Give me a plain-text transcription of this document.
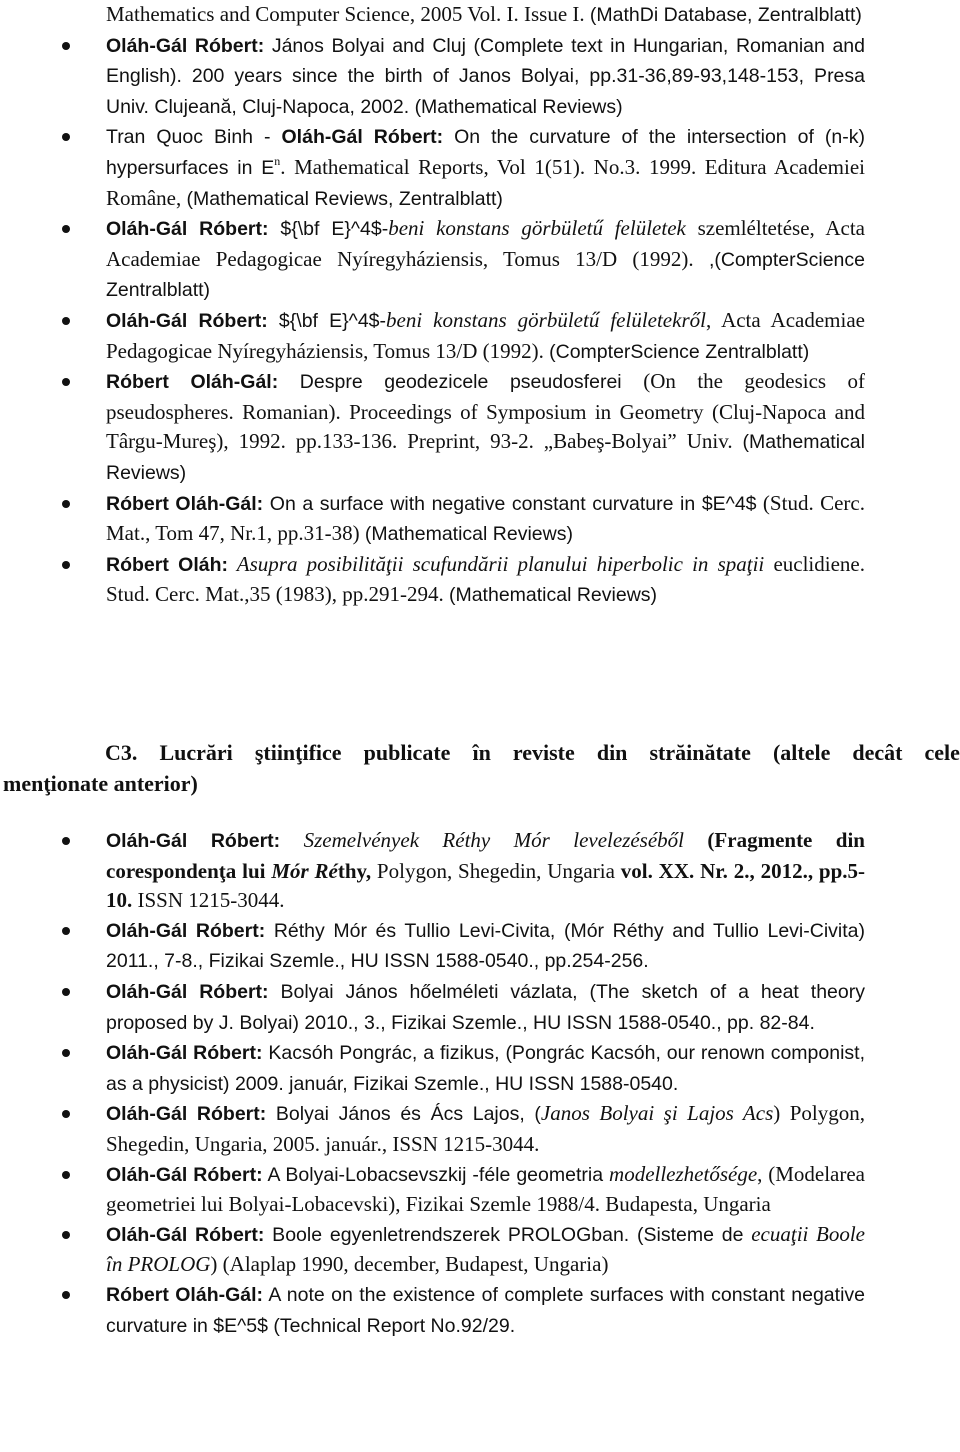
Mathematics and Computer Science, 2005 Vol. I. Issue I. (MathDi Database, Zentralblatt)
Oláh-Gál Róbert: János Bolyai and Cluj (Complete text in Hungarian, Romanian and English). 200 years since the birth of Janos Bolyai, pp.31-36,89-93,148-153, Presa Univ. Clujeană, Cluj-Napoca, 2002. (Mathematical Reviews)
Tran Quoc Binh - Oláh-Gál Róbert: On the curvature of the intersection of (n-k) hypersurfaces in $E^n$. Mathematical Reports, Vol 1(51). No.3. 1999. Editura Academiei Române, (Mathematical Reviews, Zentralblatt)
Oláh-Gál Róbert: ${\bf E}^4$-beni konstans görbületű felületek szemléltetése, Acta Academiae Pedagogicae Nyíregyháziensis, Tomus 13/D (1992). ,(CompterScience Zentralblatt)
Oláh-Gál Róbert: ${\bf E}^4$-beni konstans görbületű felületekről, Acta Academiae Pedagogicae Nyíregyháziensis, Tomus 13/D (1992). (CompterScience Zentralblatt)
Róbert Oláh-Gál: Despre geodezicele pseudosferei (On the geodesics of pseudospheres. Romanian). Proceedings of Symposium in Geometry (Cluj-Napoca and Târgu-Mureş), 1992. pp.133-136. Preprint, 93-2. „Babeş-Bolyai” Univ. (Mathematical Reviews)
Róbert Oláh-Gál: On a surface with negative constant curvature in $E^4$ (Stud. Cerc. Mat., Tom 47, Nr.1, pp.31-38) (Mathematical Reviews)
Róbert Oláh: Asupra posibilităţii scufundării planului hiperbolic in spaţii euclidiene. Stud. Cerc. Mat.,35 (1983), pp.291-294. (Mathematical Reviews)
C3. Lucrări ştiinţifice publicate în reviste din străinătate (altele decât cele
menţionate anterior)
Oláh-Gál Róbert: Szemelvények Réthy Mór levelezéséből (Fragmente din corespondenţa lui Mór Réthy, Polygon, Shegedin, Ungaria vol. XX. Nr. 2., 2012., pp.5-10. ISSN 1215-3044.
Oláh-Gál Róbert: Réthy Mór és Tullio Levi-Civita, (Mór Réthy and Tullio Levi-Civita) 2011., 7-8., Fizikai Szemle., HU ISSN 1588-0540., pp.254-256.
Oláh-Gál Róbert: Bolyai János hőelméleti vázlata, (The sketch of a heat theory proposed by J. Bolyai) 2010., 3., Fizikai Szemle., HU ISSN 1588-0540., pp. 82-84.
Oláh-Gál Róbert: Kacsóh Pongrác, a fizikus, (Pongrác Kacsóh, our renown componist, as a physicist) 2009. január, Fizikai Szemle., HU ISSN 1588-0540.
Oláh-Gál Róbert: Bolyai János és Ács Lajos, (Janos Bolyai şi Lajos Acs) Polygon, Shegedin, Ungaria, 2005. január., ISSN 1215-3044.
Oláh-Gál Róbert: A Bolyai-Lobacsevszkij -féle geometria modellezhetősége, (Modelarea geometriei lui Bolyai-Lobacevski), Fizikai Szemle 1988/4. Budapesta, Ungaria
Oláh-Gál Róbert: Boole egyenletrendszerek PROLOGban. (Sisteme de ecuaţii Boole în PROLOG) (Alaplap 1990, december, Budapest, Ungaria)
Róbert Oláh-Gál: A note on the existence of complete surfaces with constant negative curvature in $E^5$ (Technical Report No.92/29.
